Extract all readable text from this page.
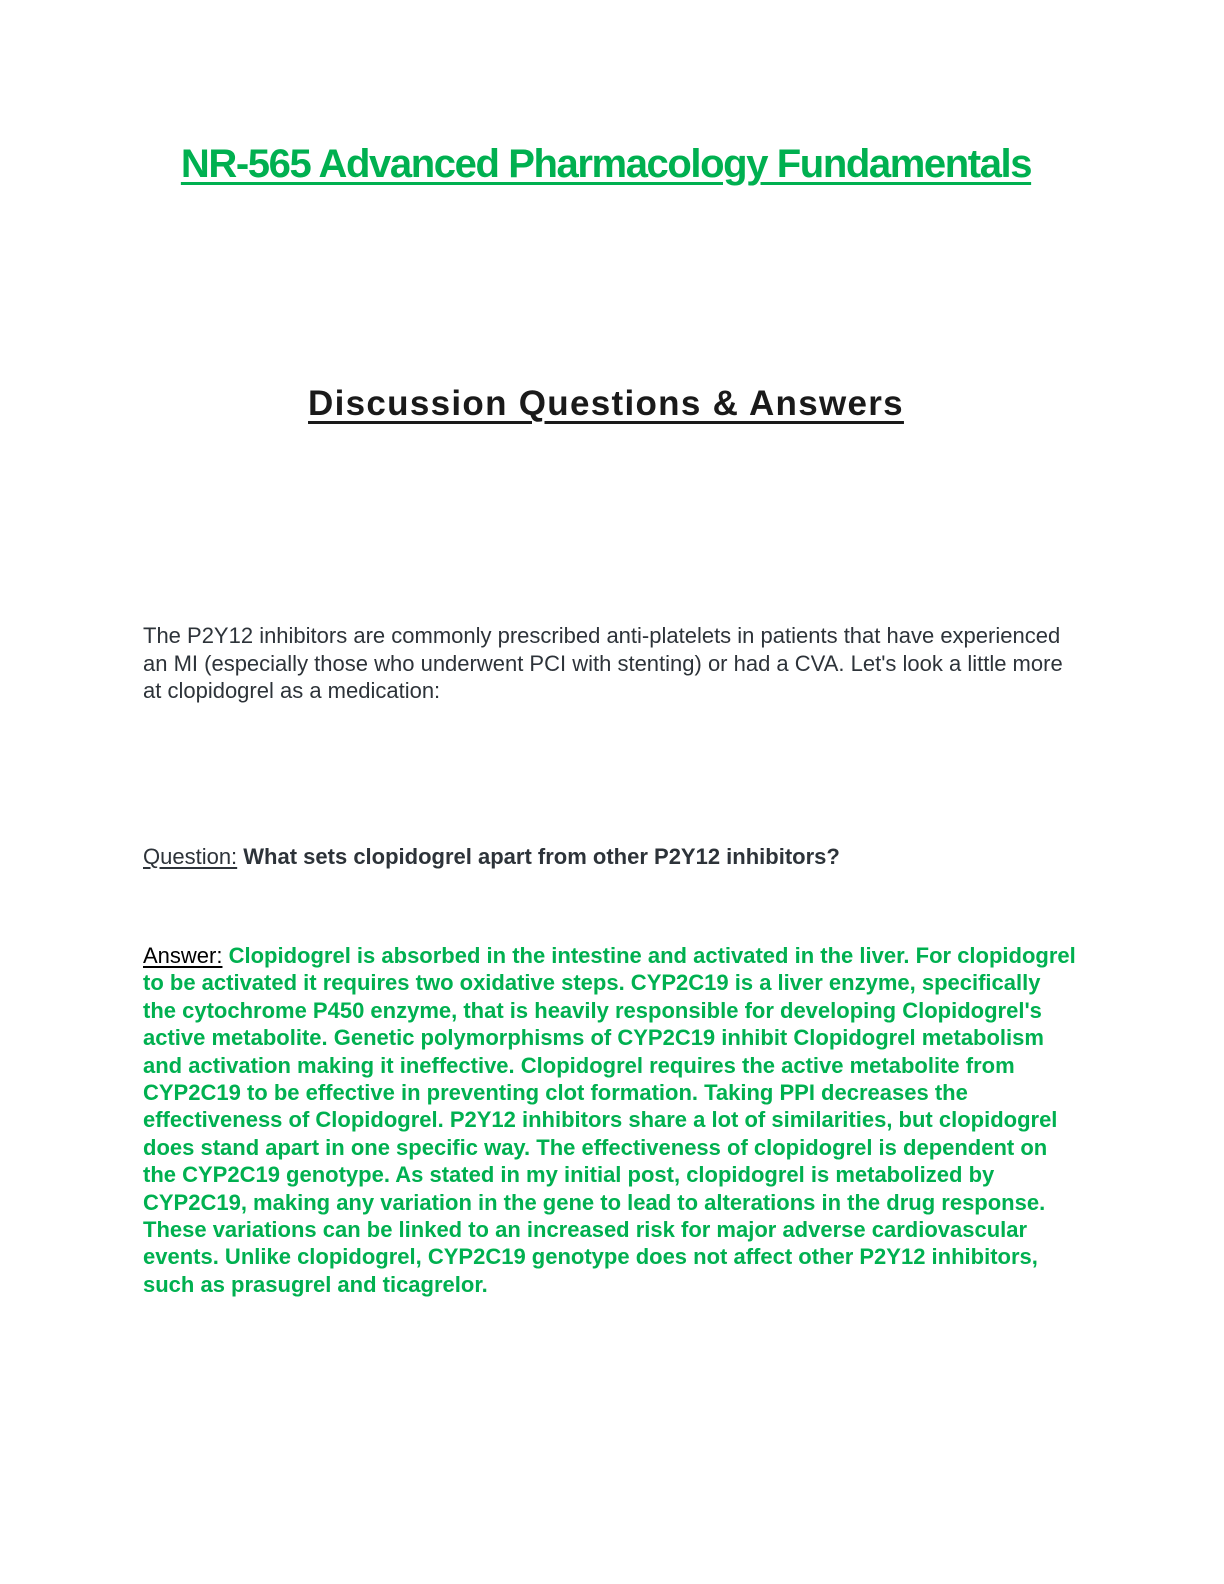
NR-565 Advanced Pharmacology Fundamentals
Discussion Questions & Answers

The P2Y12 inhibitors are commonly prescribed anti-platelets in patients that have experienced an MI (especially those who underwent PCI with stenting) or had a CVA. Let's look a little more at clopidogrel as a medication:

Question: What sets clopidogrel apart from other P2Y12 inhibitors?

Answer: Clopidogrel is absorbed in the intestine and activated in the liver. For clopidogrel to be activated it requires two oxidative steps. CYP2C19 is a liver enzyme, specifically the cytochrome P450 enzyme, that is heavily responsible for developing Clopidogrel's active metabolite. Genetic polymorphisms of CYP2C19 inhibit Clopidogrel metabolism and activation making it ineffective. Clopidogrel requires the active metabolite from CYP2C19 to be effective in preventing clot formation. Taking PPI decreases the effectiveness of Clopidogrel. P2Y12 inhibitors share a lot of similarities, but clopidogrel does stand apart in one specific way. The effectiveness of clopidogrel is dependent on the CYP2C19 genotype. As stated in my initial post, clopidogrel is metabolized by CYP2C19, making any variation in the gene to lead to alterations in the drug response. These variations can be linked to an increased risk for major adverse cardiovascular events. Unlike clopidogrel, CYP2C19 genotype does not affect other P2Y12 inhibitors, such as prasugrel and ticagrelor.
